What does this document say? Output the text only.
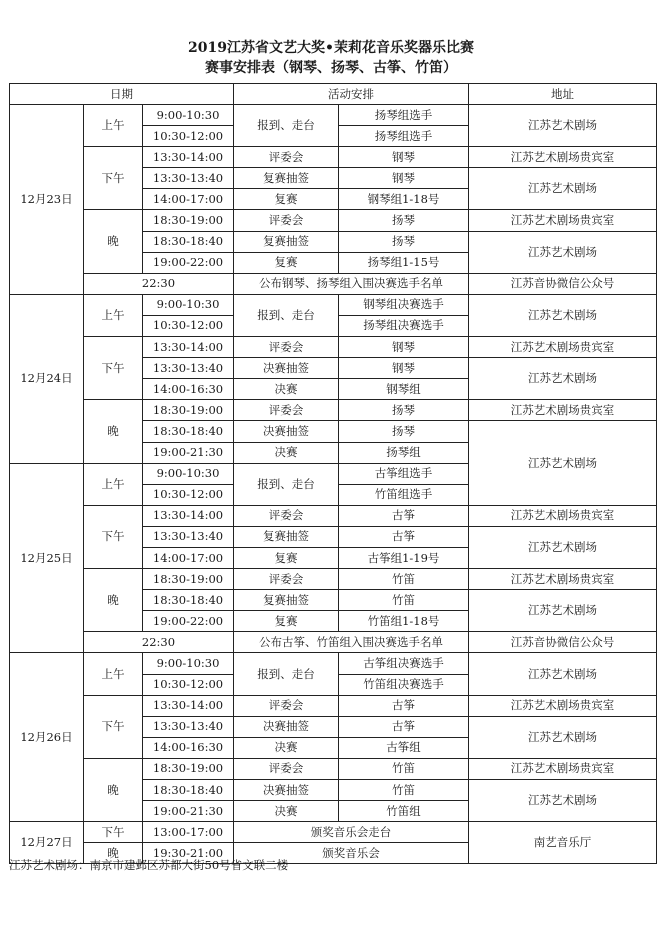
2019江苏省文艺大奖•茉莉花音乐奖器乐比赛
赛事安排表（钢琴、扬琴、古筝、竹笛）
日期			活动安排		地址
12月23日	上午	9:00-10:30	报到、走台	扬琴组选手	江苏艺术剧场
		10:30-12:00		扬琴组选手	
	下午	13:30-14:00	评委会	钢琴	江苏艺术剧场贵宾室
		13:30-13:40	复赛抽签	钢琴	江苏艺术剧场
		14:00-17:00	复赛	钢琴组1-18号	
	晚	18:30-19:00	评委会	扬琴	江苏艺术剧场贵宾室
		18:30-18:40	复赛抽签	扬琴	江苏艺术剧场
		19:00-22:00	复赛	扬琴组1-15号	
	22:30		公布钢琴、扬琴组入围决赛选手名单		江苏音协微信公众号
12月24日	上午	9:00-10:30	报到、走台	钢琴组决赛选手	江苏艺术剧场
		10:30-12:00		扬琴组决赛选手	
	下午	13:30-14:00	评委会	钢琴	江苏艺术剧场贵宾室
		13:30-13:40	决赛抽签	钢琴	江苏艺术剧场
		14:00-16:30	决赛	钢琴组	
	晚	18:30-19:00	评委会	扬琴	江苏艺术剧场贵宾室
		18:30-18:40	决赛抽签	扬琴	江苏艺术剧场
		19:00-21:30	决赛	扬琴组	
12月25日	上午	9:00-10:30	报到、走台	古筝组选手	
		10:30-12:00		竹笛组选手	
	下午	13:30-14:00	评委会	古筝	江苏艺术剧场贵宾室
		13:30-13:40	复赛抽签	古筝	江苏艺术剧场
		14:00-17:00	复赛	古筝组1-19号	
	晚	18:30-19:00	评委会	竹笛	江苏艺术剧场贵宾室
		18:30-18:40	复赛抽签	竹笛	江苏艺术剧场
		19:00-22:00	复赛	竹笛组1-18号	
	22:30		公布古筝、竹笛组入围决赛选手名单		江苏音协微信公众号
12月26日	上午	9:00-10:30	报到、走台	古筝组决赛选手	江苏艺术剧场
		10:30-12:00		竹笛组决赛选手	
	下午	13:30-14:00	评委会	古筝	江苏艺术剧场贵宾室
		13:30-13:40	决赛抽签	古筝	江苏艺术剧场
		14:00-16:30	决赛	古筝组	
	晚	18:30-19:00	评委会	竹笛	江苏艺术剧场贵宾室
		18:30-18:40	决赛抽签	竹笛	江苏艺术剧场
		19:00-21:30	决赛	竹笛组	
12月27日	下午	13:00-17:00	颁奖音乐会走台		南艺音乐厅
	晚	19:30-21:00	颁奖音乐会		
江苏艺术剧场：南京市建邺区苏都大街50号省文联二楼
